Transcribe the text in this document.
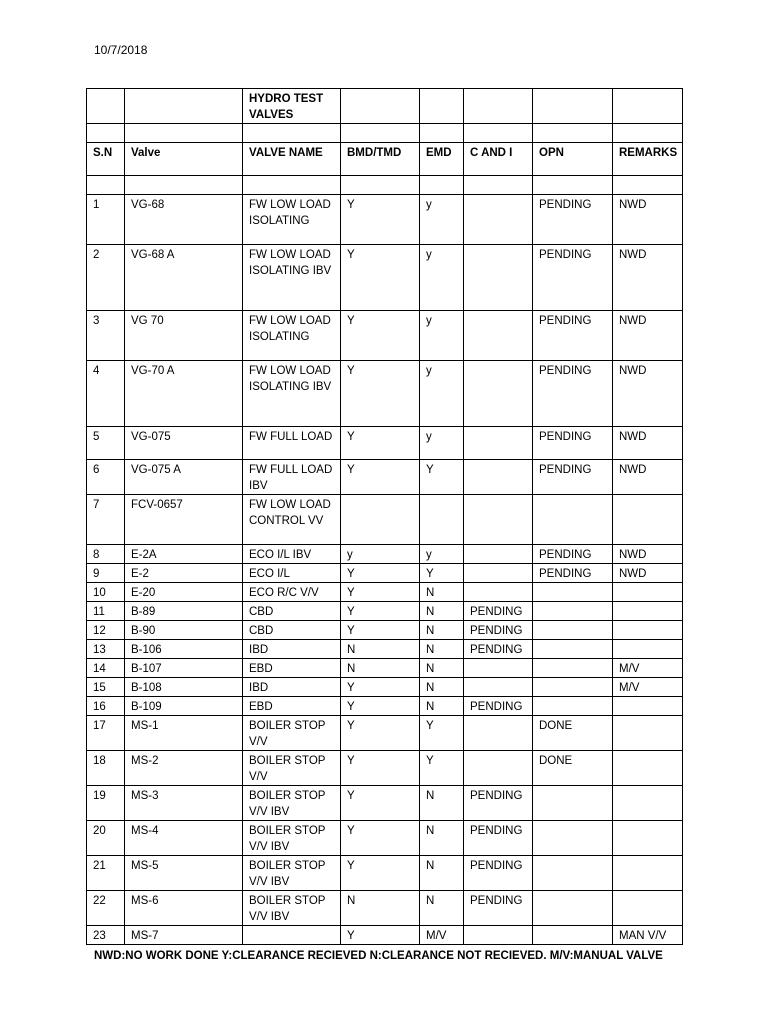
10/7/2018
		HYDRO TEST VALVES					

S.N	Valve	VALVE NAME	BMD/TMD	EMD	C AND I	OPN	REMARKS

1	VG-68	FW LOW LOAD ISOLATING	Y	y		PENDING	NWD
2	VG-68 A	FW LOW LOAD ISOLATING IBV	Y	y		PENDING	NWD
3	VG 70	FW LOW LOAD ISOLATING	Y	y		PENDING	NWD
4	VG-70 A	FW LOW LOAD ISOLATING IBV	Y	y		PENDING	NWD
5	VG-075	FW FULL LOAD	Y	y		PENDING	NWD
6	VG-075 A	FW FULL LOAD IBV	Y	Y		PENDING	NWD
7	FCV-0657	FW LOW LOAD CONTROL VV					
8	E-2A	ECO I/L IBV	y	y		PENDING	NWD
9	E-2	ECO I/L	Y	Y		PENDING	NWD
10	E-20	ECO R/C V/V	Y	N			
11	B-89	CBD	Y	N	PENDING		
12	B-90	CBD	Y	N	PENDING		
13	B-106	IBD	N	N	PENDING		
14	B-107	EBD	N	N			M/V
15	B-108	IBD	Y	N			M/V
16	B-109	EBD	Y	N	PENDING		
17	MS-1	BOILER STOP V/V	Y	Y		DONE	
18	MS-2	BOILER STOP V/V	Y	Y		DONE	
19	MS-3	BOILER STOP V/V IBV	Y	N	PENDING		
20	MS-4	BOILER STOP V/V IBV	Y	N	PENDING		
21	MS-5	BOILER STOP V/V IBV	Y	N	PENDING		
22	MS-6	BOILER STOP V/V IBV	N	N	PENDING		
23	MS-7		Y	M/V			MAN V/V
NWD:NO WORK DONE Y:CLEARANCE RECIEVED N:CLEARANCE NOT RECIEVED. M/V:MANUAL VALVE
